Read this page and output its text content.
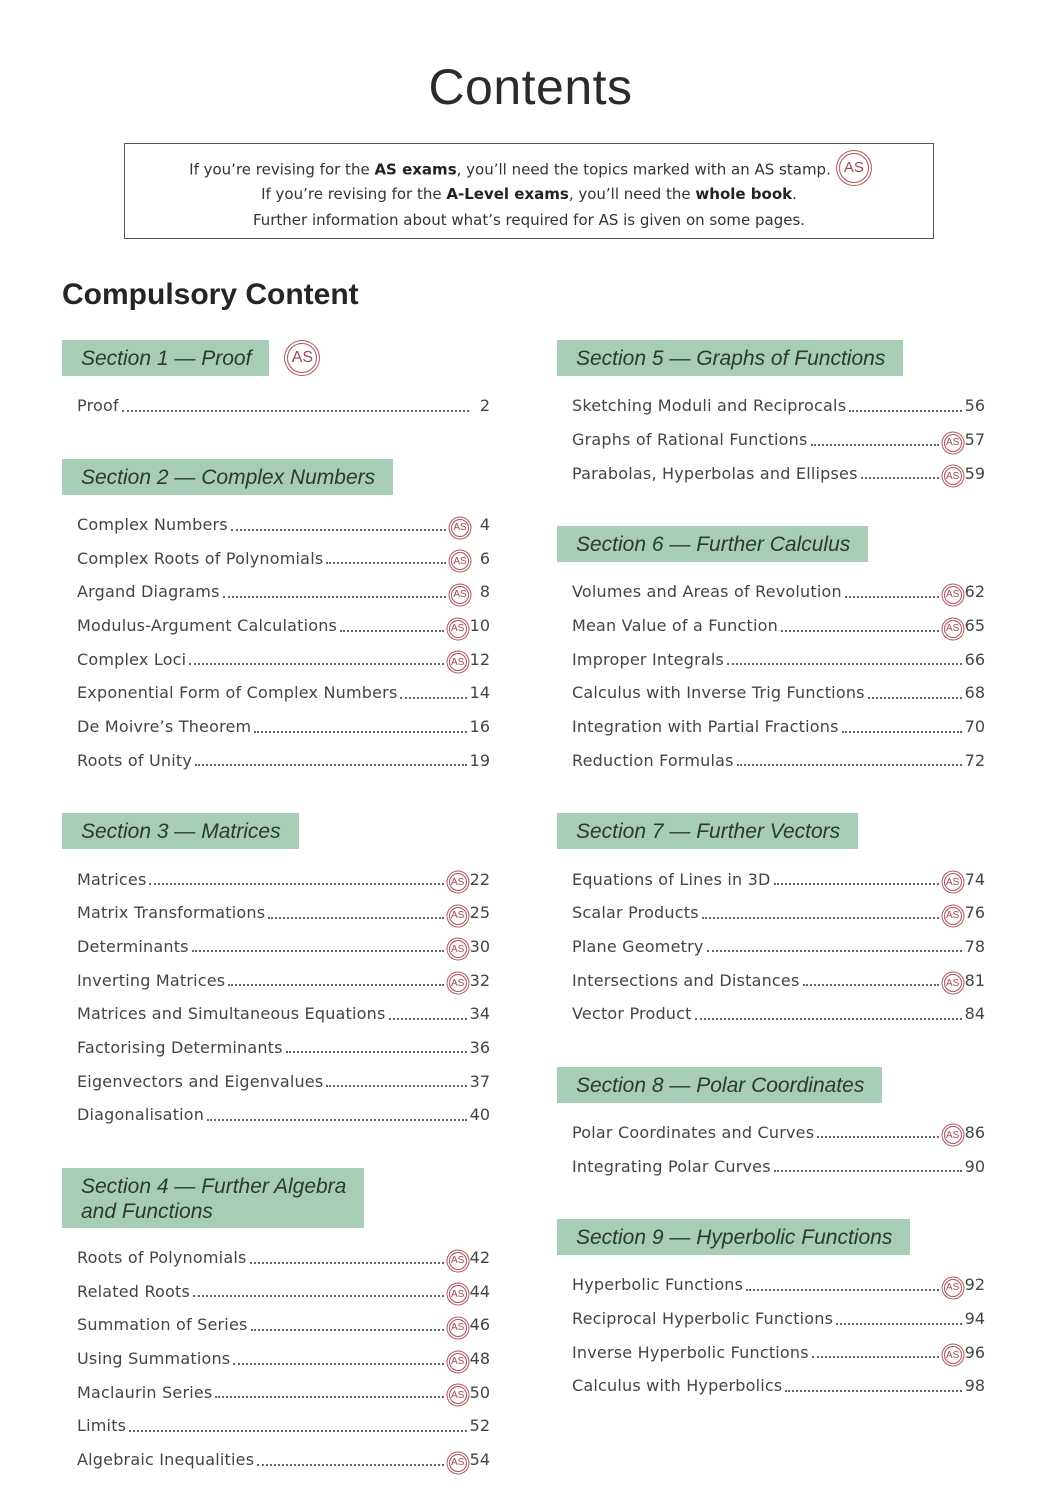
Contents
If you’re revising for the AS exams, you’ll need the topics marked with an AS stamp. AS
If you’re revising for the A-Level exams, you’ll need the whole book.
Further information about what’s required for AS is given on some pages.
Compulsory Content
Section 1 — Proof	AS
Proof	2
Section 2 — Complex Numbers
Complex Numbers	AS 4
Complex Roots of Polynomials	AS 6
Argand Diagrams	AS 8
Modulus-Argument Calculations	AS 10
Complex Loci	AS 12
Exponential Form of Complex Numbers	14
De Moivre’s Theorem	16
Roots of Unity	19
Section 3 — Matrices
Matrices	AS 22
Matrix Transformations	AS 25
Determinants	AS 30
Inverting Matrices	AS 32
Matrices and Simultaneous Equations	34
Factorising Determinants	36
Eigenvectors and Eigenvalues	37
Diagonalisation	40
Section 4 — Further Algebra
and Functions
Roots of Polynomials	AS 42
Related Roots	AS 44
Summation of Series	AS 46
Using Summations	AS 48
Maclaurin Series	AS 50
Limits	52
Algebraic Inequalities	AS 54
Section 5 — Graphs of Functions
Sketching Moduli and Reciprocals	56
Graphs of Rational Functions	AS 57
Parabolas, Hyperbolas and Ellipses	AS 59
Section 6 — Further Calculus
Volumes and Areas of Revolution	AS 62
Mean Value of a Function	AS 65
Improper Integrals	66
Calculus with Inverse Trig Functions	68
Integration with Partial Fractions	70
Reduction Formulas	72
Section 7 — Further Vectors
Equations of Lines in 3D	AS 74
Scalar Products	AS 76
Plane Geometry	78
Intersections and Distances	AS 81
Vector Product	84
Section 8 — Polar Coordinates
Polar Coordinates and Curves	AS 86
Integrating Polar Curves	90
Section 9 — Hyperbolic Functions
Hyperbolic Functions	AS 92
Reciprocal Hyperbolic Functions	94
Inverse Hyperbolic Functions	AS 96
Calculus with Hyperbolics	98
